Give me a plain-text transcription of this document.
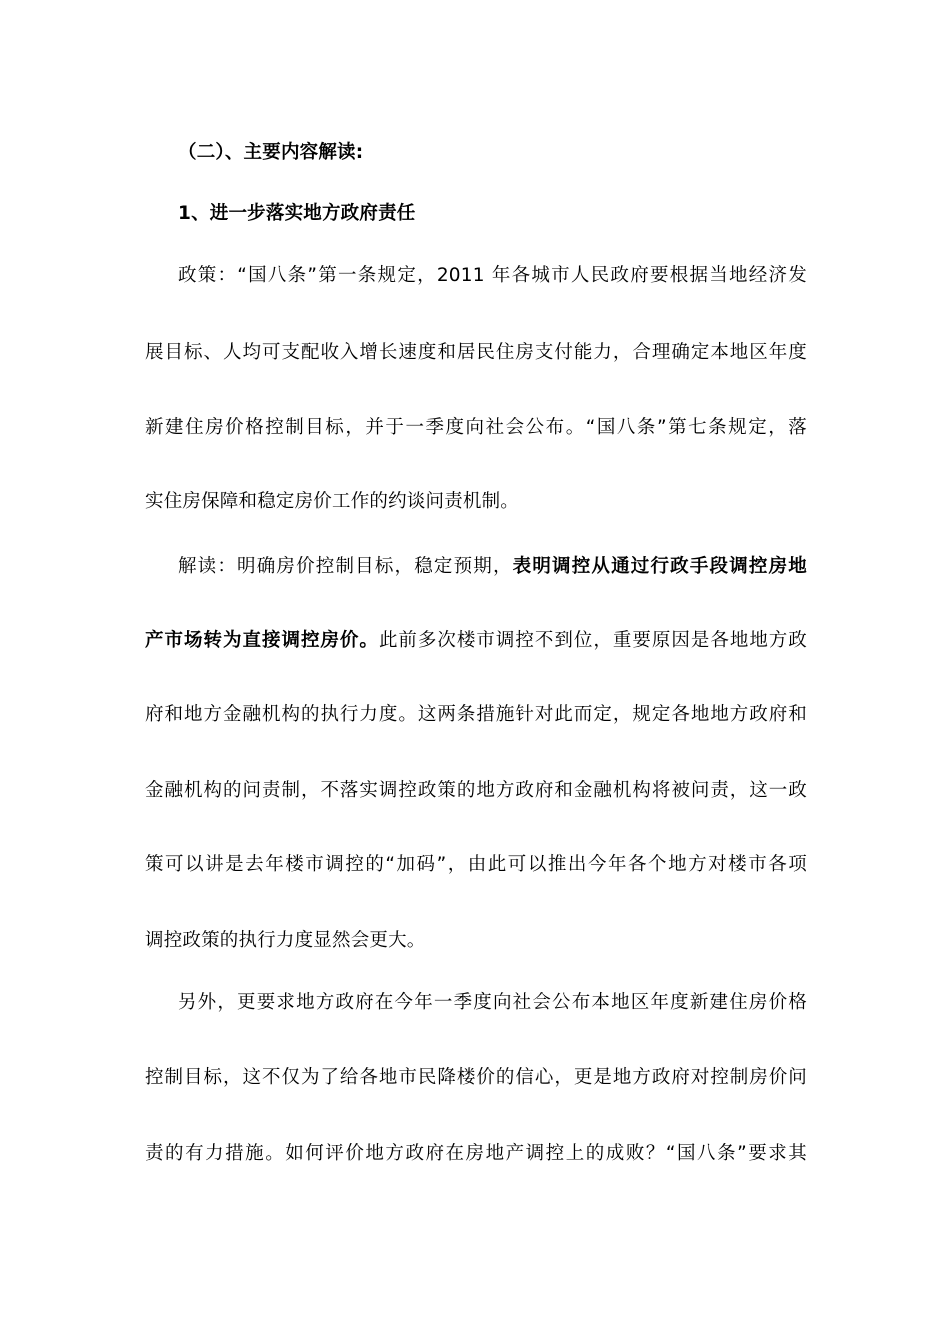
（二）、主要内容解读:
1、进一步落实地方政府责任
政策：“国八条”第一条规定，2011 年各城市人民政府要根据当地经济发
展目标、人均可支配收入增长速度和居民住房支付能力，合理确定本地区年度
新建住房价格控制目标，并于一季度向社会公布。“国八条”第七条规定，落
实住房保障和稳定房价工作的约谈问责机制。
解读：明确房价控制目标，稳定预期，表明调控从通过行政手段调控房地
产市场转为直接调控房价。此前多次楼市调控不到位，重要原因是各地地方政
府和地方金融机构的执行力度。这两条措施针对此而定，规定各地地方政府和
金融机构的问责制，不落实调控政策的地方政府和金融机构将被问责，这一政
策可以讲是去年楼市调控的“加码”，由此可以推出今年各个地方对楼市各项
调控政策的执行力度显然会更大。
另外，更要求地方政府在今年一季度向社会公布本地区年度新建住房价格
控制目标，这不仅为了给各地市民降楼价的信心，更是地方政府对控制房价问
责的有力措施。如何评价地方政府在房地产调控上的成败？“国八条”要求其
